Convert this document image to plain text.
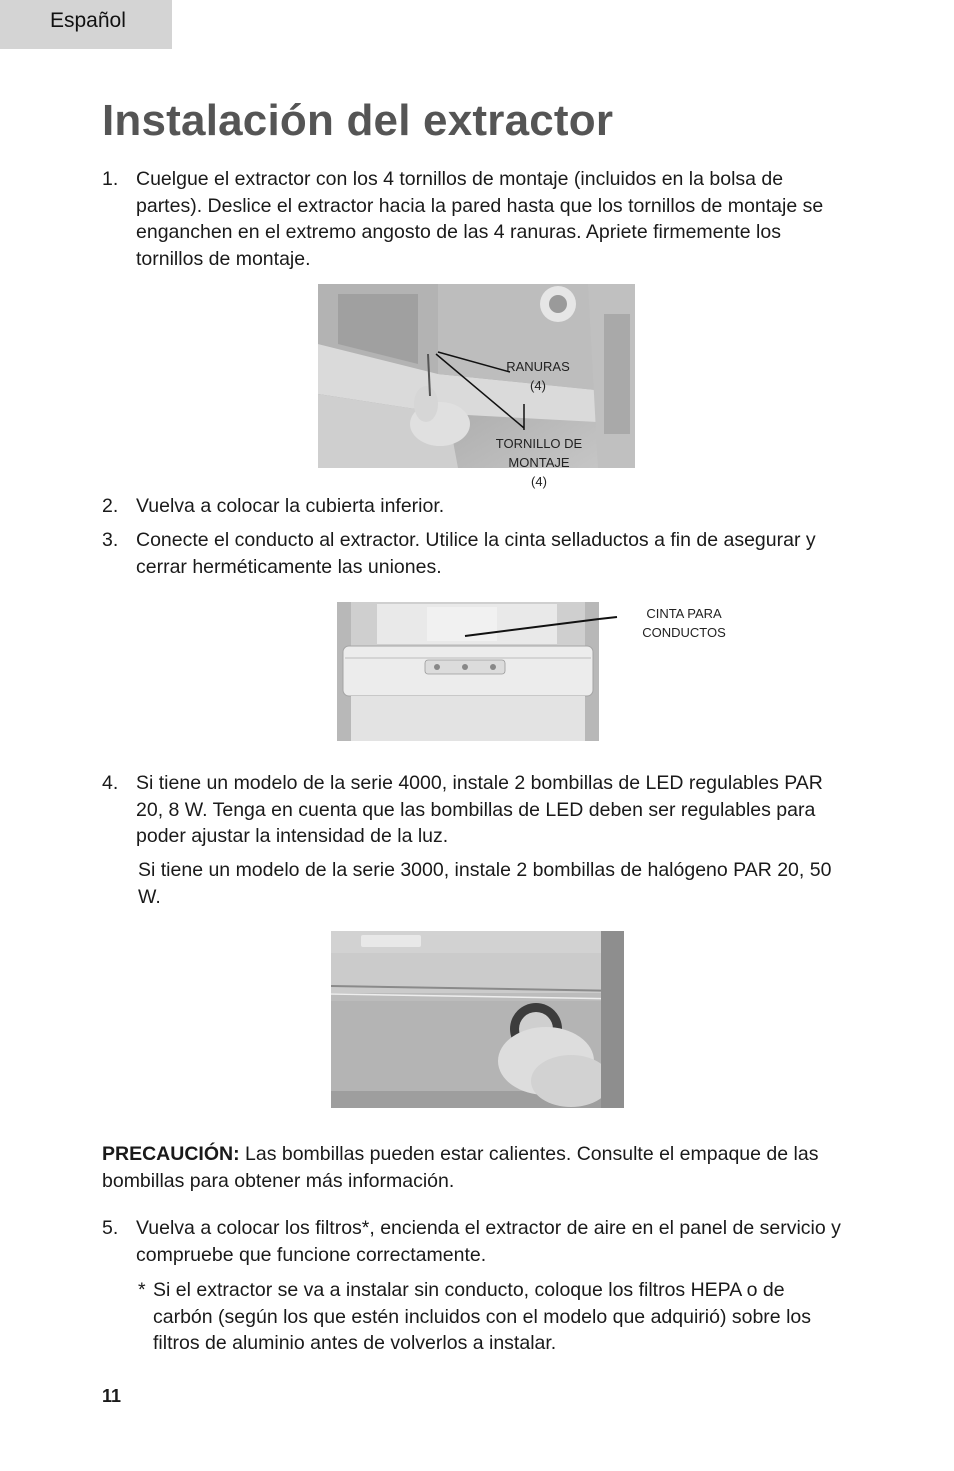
Español
Instalación del extractor
1. Cuelgue el extractor con los 4 tornillos de montaje (incluidos en la bolsa de partes). Deslice el extractor hacia la pared hasta que los tornillos de montaje se enganchen en el extremo angosto de las 4 ranuras. Apriete firmemente los tornillos de montaje.
RANURAS
(4)
TORNILLO DE
MONTAJE
(4)
2. Vuelva a colocar la cubierta inferior.
3. Conecte el conducto al extractor. Utilice la cinta sellaductos a fin de asegurar y cerrar herméticamente las uniones.
CINTA PARA
CONDUCTOS
4. Si tiene un modelo de la serie 4000, instale 2 bombillas de LED regulables PAR 20, 8 W. Tenga en cuenta que las bombillas de LED deben ser regulables para poder ajustar la intensidad de la luz.
Si tiene un modelo de la serie 3000, instale 2 bombillas de halógeno PAR 20, 50 W.
PRECAUCIÓN: Las bombillas pueden estar calientes. Consulte el empaque de las bombillas para obtener más información.
5. Vuelva a colocar los filtros*, encienda el extractor de aire en el panel de servicio y compruebe que funcione correctamente.
* Si el extractor se va a instalar sin conducto, coloque los filtros HEPA o de carbón (según los que estén incluidos con el modelo que adquirió) sobre los filtros de aluminio antes de volverlos a instalar.
11
